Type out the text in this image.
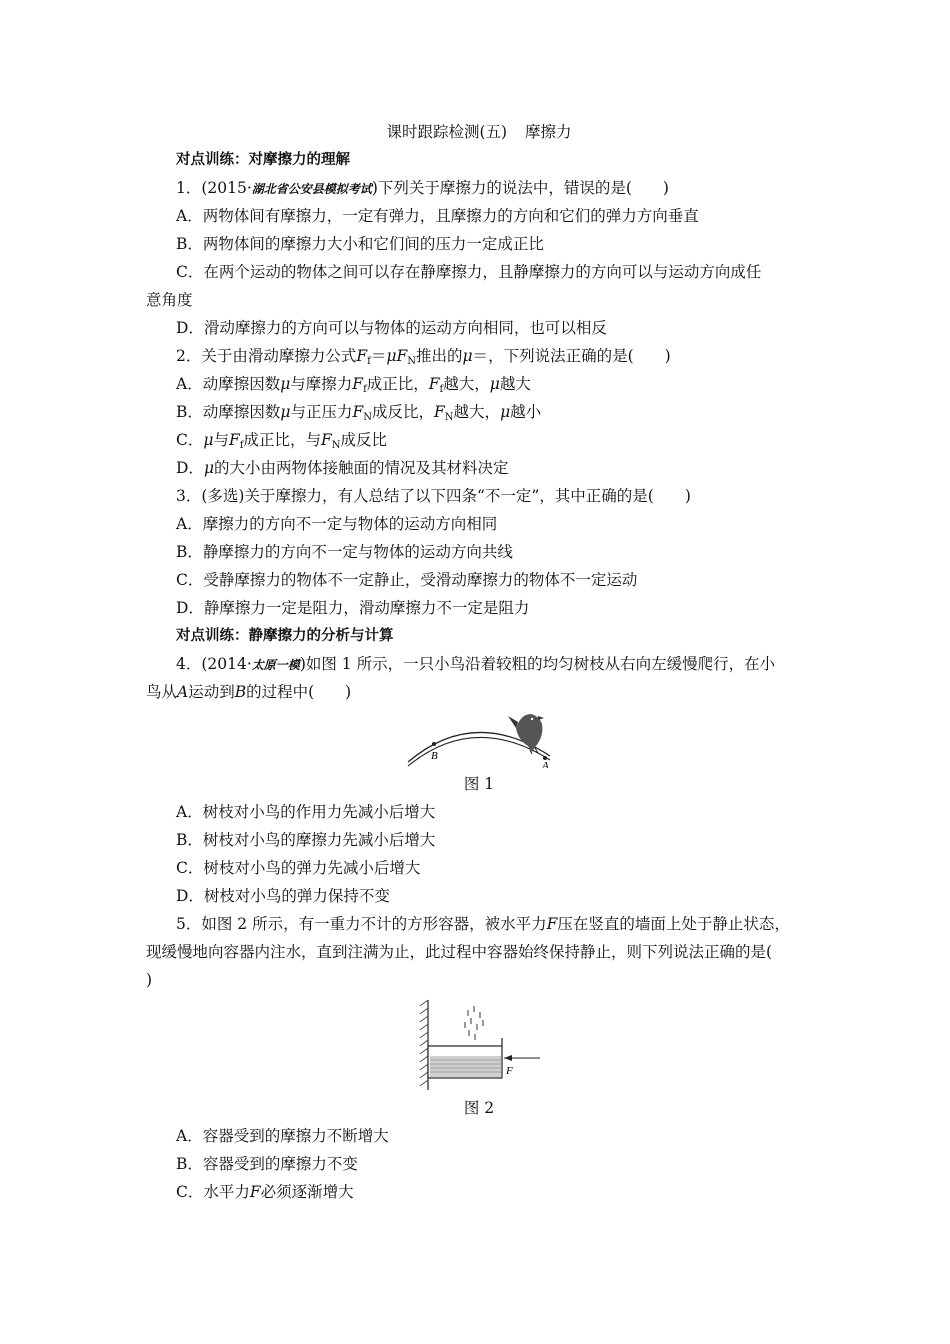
课时跟踪检测(五) 摩擦力
对点训练：对摩擦力的理解
1．(2015·湖北省公安县模拟考试)下列关于摩擦力的说法中，错误的是(　　)
A．两物体间有摩擦力，一定有弹力，且摩擦力的方向和它们的弹力方向垂直
B．两物体间的摩擦力大小和它们间的压力一定成正比
C．在两个运动的物体之间可以存在静摩擦力，且静摩擦力的方向可以与运动方向成任
意角度
D．滑动摩擦力的方向可以与物体的运动方向相同，也可以相反
2．关于由滑动摩擦力公式$F_f=\mu F_N$推出的μ＝，下列说法正确的是(　　)
A．动摩擦因数μ与摩擦力$F_f$成正比，$F_f$越大，μ越大
B．动摩擦因数μ与正压力$F_N$成反比，$F_N$越大，μ越小
C．μ与$F_f$成正比，与$F_N$成反比
D．μ的大小由两物体接触面的情况及其材料决定
3．(多选)关于摩擦力，有人总结了以下四条“不一定”，其中正确的是(　　)
A．摩擦力的方向不一定与物体的运动方向相同
B．静摩擦力的方向不一定与物体的运动方向共线
C．受静摩擦力的物体不一定静止，受滑动摩擦力的物体不一定运动
D．静摩擦力一定是阻力，滑动摩擦力不一定是阻力
对点训练：静摩擦力的分析与计算
4．(2014·太原一模)如图 1 所示，一只小鸟沿着较粗的均匀树枝从右向左缓慢爬行，在小
鸟从A运动到B的过程中(　　)
B
A
图 1
A．树枝对小鸟的作用力先减小后增大
B．树枝对小鸟的摩擦力先减小后增大
C．树枝对小鸟的弹力先减小后增大
D．树枝对小鸟的弹力保持不变
5．如图 2 所示，有一重力不计的方形容器，被水平力F压在竖直的墙面上处于静止状态，
现缓慢地向容器内注水，直到注满为止，此过程中容器始终保持静止，则下列说法正确的是(
)
F
图 2
A．容器受到的摩擦力不断增大
B．容器受到的摩擦力不变
C．水平力F必须逐渐增大
